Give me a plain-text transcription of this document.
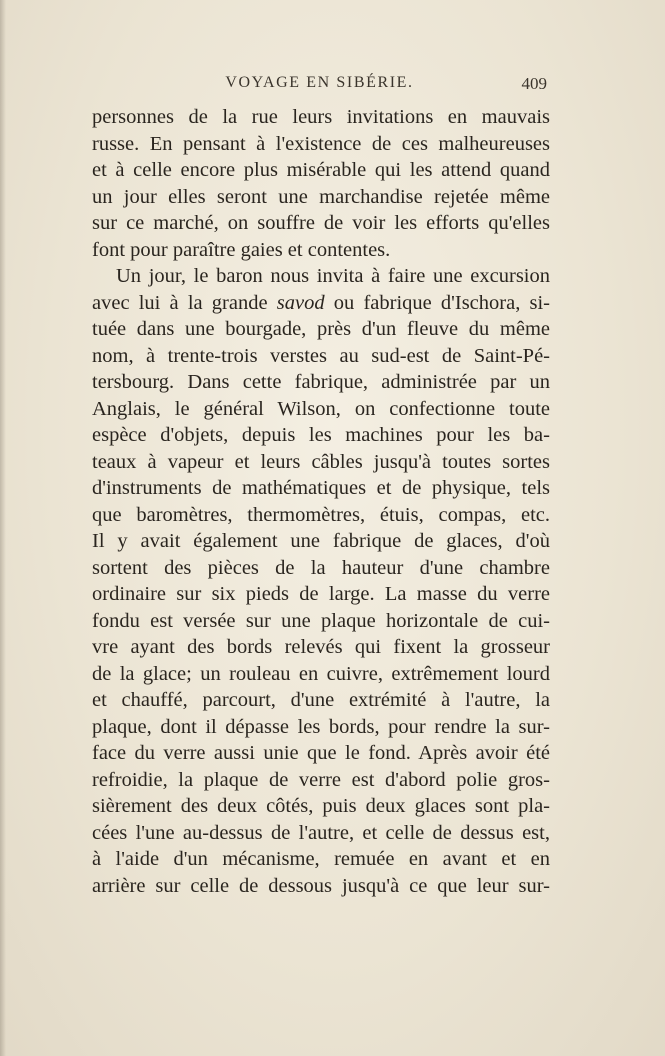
VOYAGE EN SIBÉRIE.	409
personnes de la rue leurs invitations en mauvais
russe. En pensant à l'existence de ces malheureuses
et à celle encore plus misérable qui les attend quand
un jour elles seront une marchandise rejetée même
sur ce marché, on souffre de voir les efforts qu'elles
font pour paraître gaies et contentes.
Un jour, le baron nous invita à faire une excursion
avec lui à la grande savod ou fabrique d'Ischora, si-
tuée dans une bourgade, près d'un fleuve du même
nom, à trente-trois verstes au sud-est de Saint-Pé-
tersbourg. Dans cette fabrique, administrée par un
Anglais, le général Wilson, on confectionne toute
espèce d'objets, depuis les machines pour les ba-
teaux à vapeur et leurs câbles jusqu'à toutes sortes
d'instruments de mathématiques et de physique, tels
que baromètres, thermomètres, étuis, compas, etc.
Il y avait également une fabrique de glaces, d'où
sortent des pièces de la hauteur d'une chambre
ordinaire sur six pieds de large. La masse du verre
fondu est versée sur une plaque horizontale de cui-
vre ayant des bords relevés qui fixent la grosseur
de la glace; un rouleau en cuivre, extrêmement lourd
et chauffé, parcourt, d'une extrémité à l'autre, la
plaque, dont il dépasse les bords, pour rendre la sur-
face du verre aussi unie que le fond. Après avoir été
refroidie, la plaque de verre est d'abord polie gros-
sièrement des deux côtés, puis deux glaces sont pla-
cées l'une au-dessus de l'autre, et celle de dessus est,
à l'aide d'un mécanisme, remuée en avant et en
arrière sur celle de dessous jusqu'à ce que leur sur-
